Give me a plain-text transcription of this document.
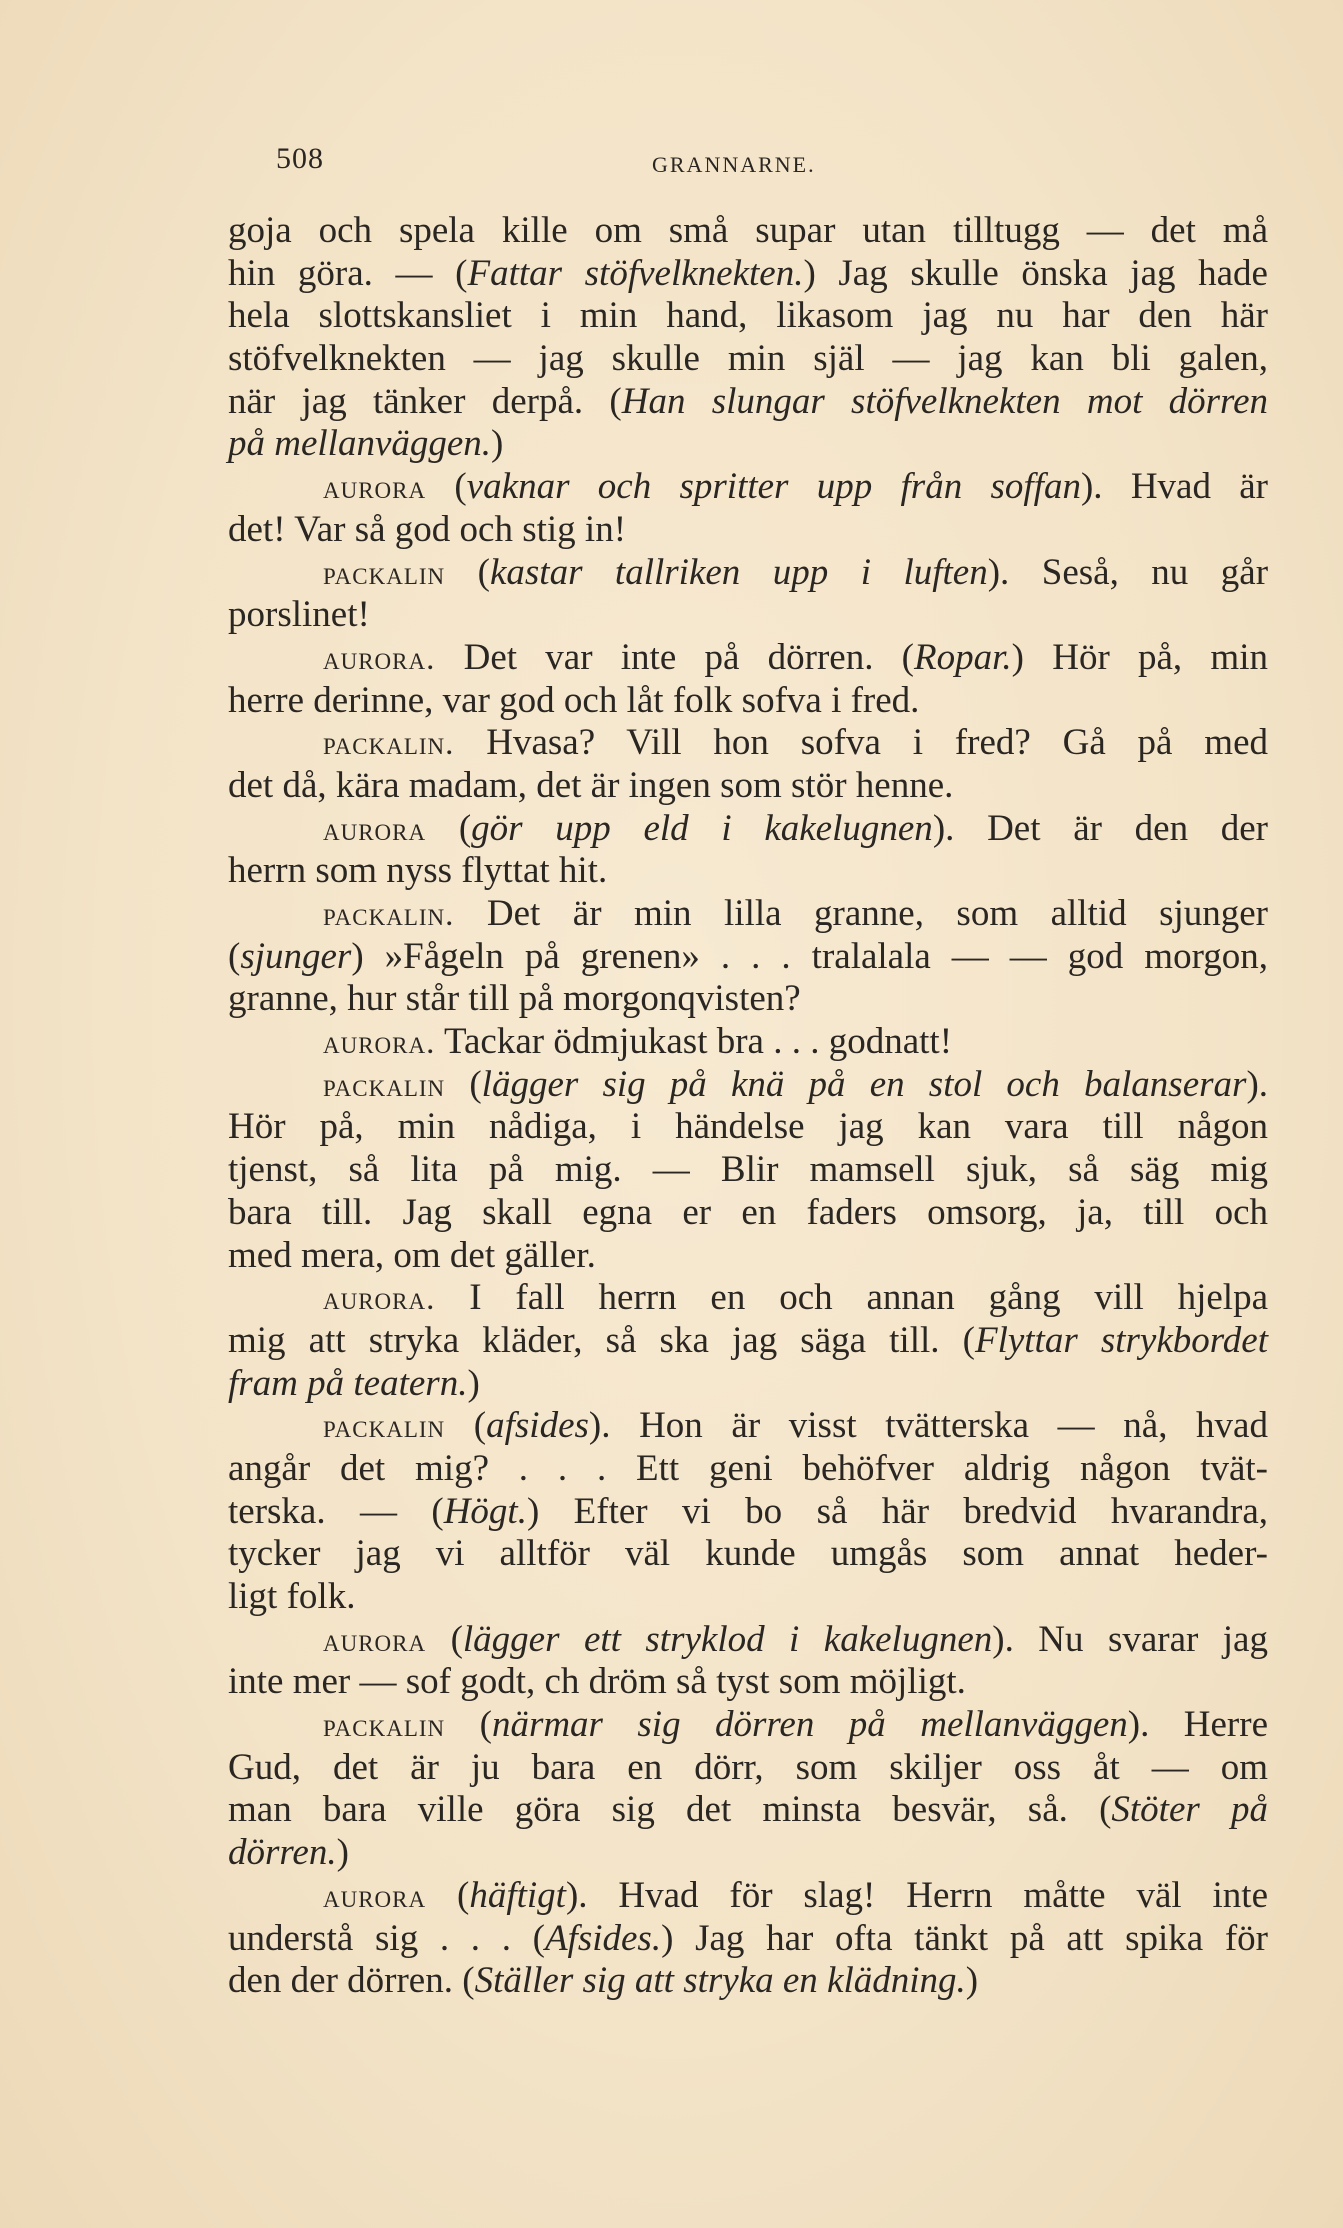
508	GRANNARNE.
goja och spela kille om små supar utan tilltugg — det må
hin göra. — (Fattar stöfvelknekten.) Jag skulle önska jag hade
hela slottskansliet i min hand, likasom jag nu har den här
stöfvelknekten — jag skulle min själ — jag kan bli galen,
när jag tänker derpå. (Han slungar stöfvelknekten mot dörren
på mellanväggen.)
aurora (vaknar och spritter upp från soffan). Hvad är
det! Var så god och stig in!
packalin (kastar tallriken upp i luften). Seså, nu går
porslinet!
aurora. Det var inte på dörren. (Ropar.) Hör på, min
herre derinne, var god och låt folk sofva i fred.
packalin. Hvasa? Vill hon sofva i fred? Gå på med
det då, kära madam, det är ingen som stör henne.
aurora (gör upp eld i kakelugnen). Det är den der
herrn som nyss flyttat hit.
packalin. Det är min lilla granne, som alltid sjunger
(sjunger) »Fågeln på grenen» . . . tralalala — — god morgon,
granne, hur står till på morgonqvisten?
aurora. Tackar ödmjukast bra . . . godnatt!
packalin (lägger sig på knä på en stol och balanserar).
Hör på, min nådiga, i händelse jag kan vara till någon
tjenst, så lita på mig. — Blir mamsell sjuk, så säg mig
bara till. Jag skall egna er en faders omsorg, ja, till och
med mera, om det gäller.
aurora. I fall herrn en och annan gång vill hjelpa
mig att stryka kläder, så ska jag säga till. (Flyttar strykbordet
fram på teatern.)
packalin (afsides). Hon är visst tvätterska — nå, hvad
angår det mig? . . . Ett geni behöfver aldrig någon tvät-
terska. — (Högt.) Efter vi bo så här bredvid hvarandra,
tycker jag vi alltför väl kunde umgås som annat heder-
ligt folk.
aurora (lägger ett stryklod i kakelugnen). Nu svarar jag
inte mer — sof godt, ch dröm så tyst som möjligt.
packalin (närmar sig dörren på mellanväggen). Herre
Gud, det är ju bara en dörr, som skiljer oss åt — om
man bara ville göra sig det minsta besvär, så. (Stöter på
dörren.)
aurora (häftigt). Hvad för slag! Herrn måtte väl inte
understå sig . . . (Afsides.) Jag har ofta tänkt på att spika för
den der dörren. (Ställer sig att stryka en klädning.)
